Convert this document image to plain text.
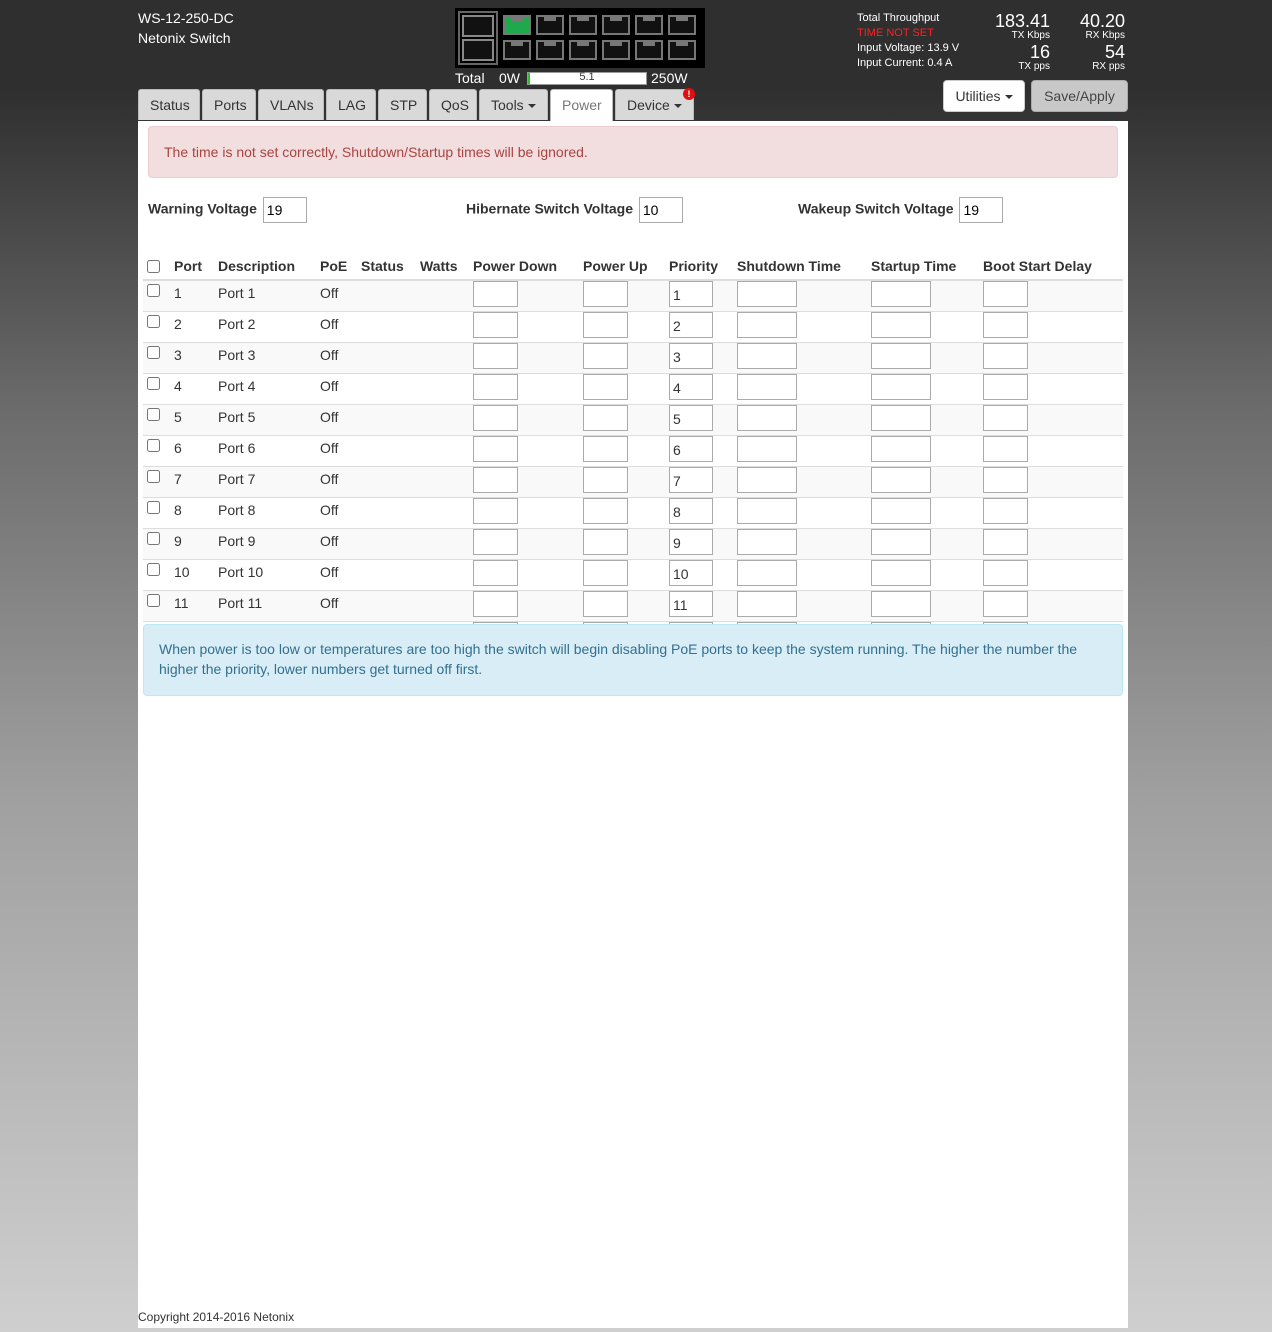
WS-12-250-DC
Netonix Switch
Total 0W	250W
5.1
Total Throughput
TIME NOT SET
Input Voltage: 13.9 V
Input Current: 0.4 A
183.41
TX Kbps
40.20
RX Kbps
16
TX pps
54
RX pps
Status	Ports	VLANs	LAG	STP	QoS	Tools	Power	Device
!	Utilities	Save/Apply
The time is not set correctly, Shutdown/Startup times will be ignored.
Warning Voltage 19	Hibernate Switch Voltage 10	Wakeup Switch Voltage 19
	Port	Description	PoE	Status	Watts	Power Down	Power Up	Priority	Shutdown Time	Startup Time	Boot Start Delay
	1	Port 1	Off					1			

	2	Port 2	Off					2			

	3	Port 3	Off					3			

	4	Port 4	Off					4			

	5	Port 5	Off					5			

	6	Port 6	Off					6			

	7	Port 7	Off					7			

	8	Port 8	Off					8			

	9	Port 9	Off					9			

	10	Port 10	Off					10			

	11	Port 11	Off					11			

When power is too low or temperatures are too high the switch will begin disabling PoE ports to keep the system running. The higher the number the higher the priority, lower numbers get turned off first.
Copyright 2014-2016 Netonix
